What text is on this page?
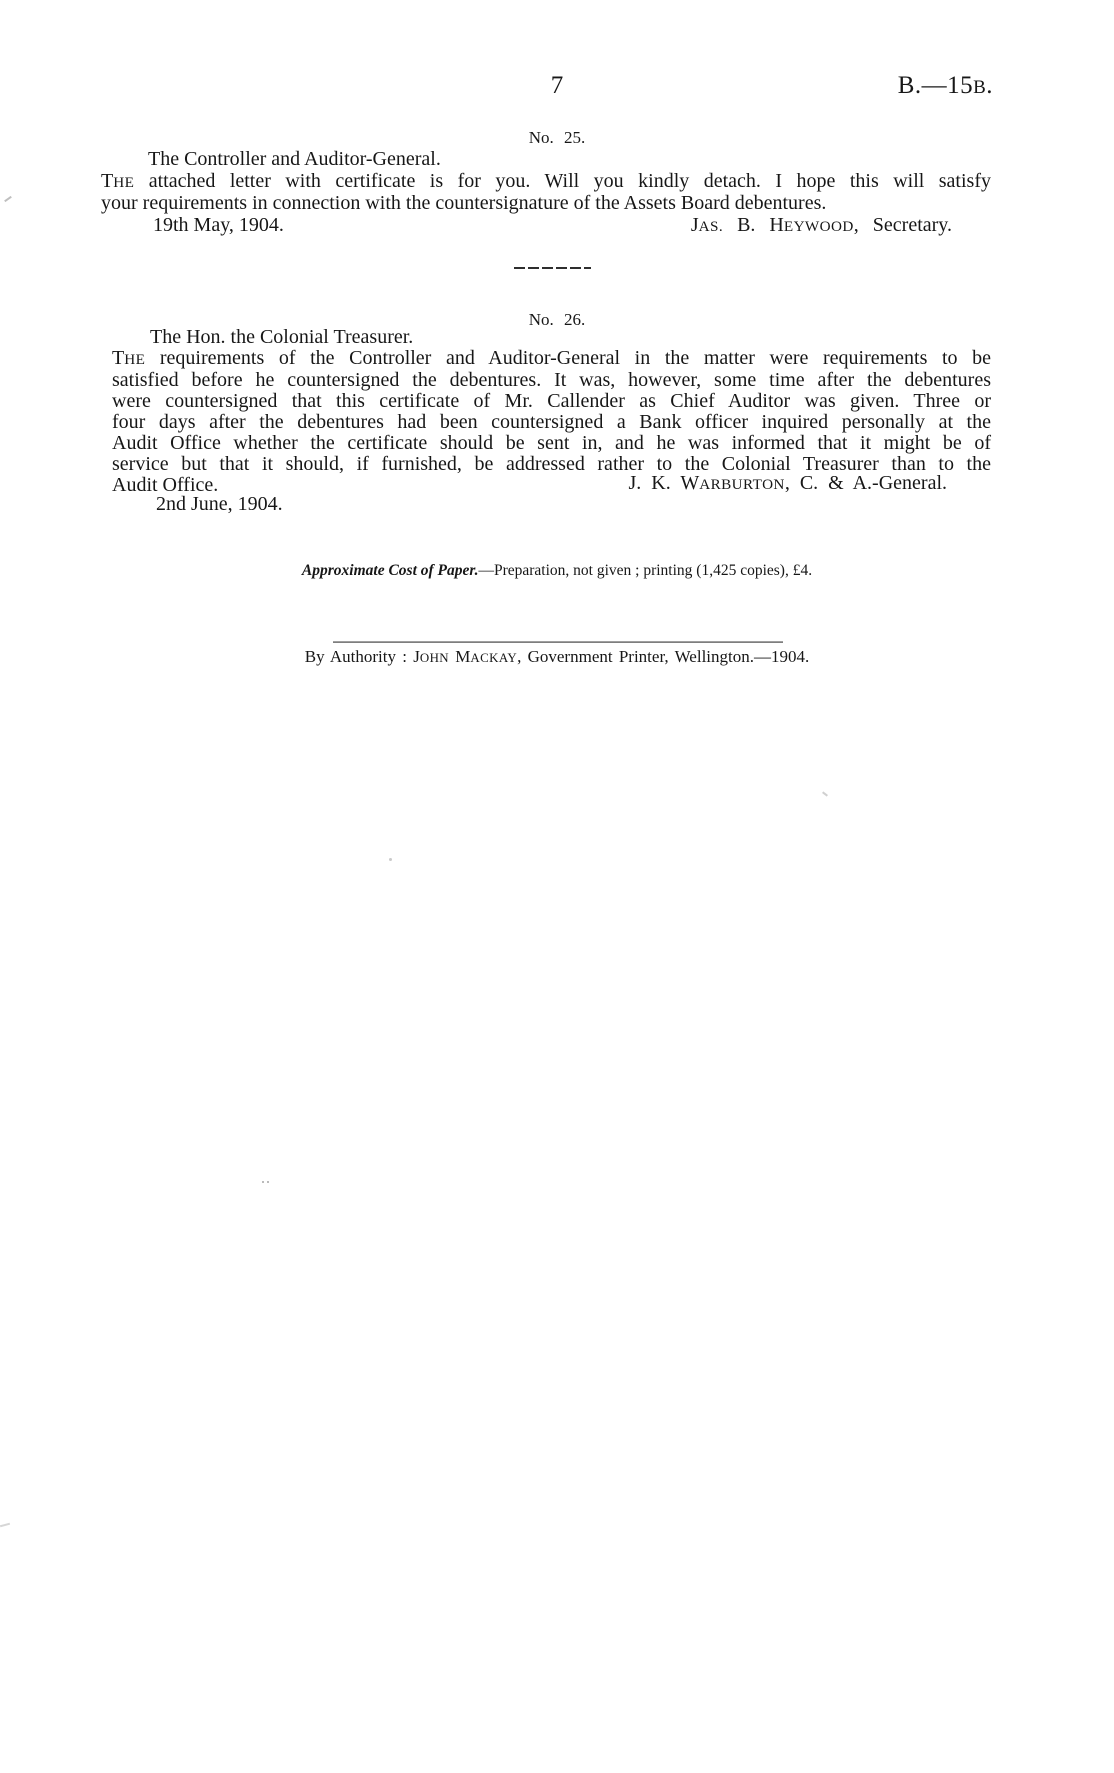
7	B.—15B.
No. 25.
The Controller and Auditor-General.
THE attached letter with certificate is for you. Will you kindly detach. I hope this will satisfy
your requirements in connection with the countersignature of the Assets Board debentures.
19th May, 1904.	JAS. B. HEYWOOD, Secretary.
No. 26.
The Hon. the Colonial Treasurer.
THE requirements of the Controller and Auditor-General in the matter were requirements to be
satisfied before he countersigned the debentures. It was, however, some time after the debentures
were countersigned that this certificate of Mr. Callender as Chief Auditor was given. Three or
four days after the debentures had been countersigned a Bank officer inquired personally at the
Audit Office whether the certificate should be sent in, and he was informed that it might be of
service but that it should, if furnished, be addressed rather to the Colonial Treasurer than to the
Audit Office.	J. K. WARBURTON, C. & A.-General.
2nd June, 1904.
Approximate Cost of Paper.—Preparation, not given ; printing (1,425 copies), £4.
By Authority : JOHN MACKAY, Government Printer, Wellington.—1904.
